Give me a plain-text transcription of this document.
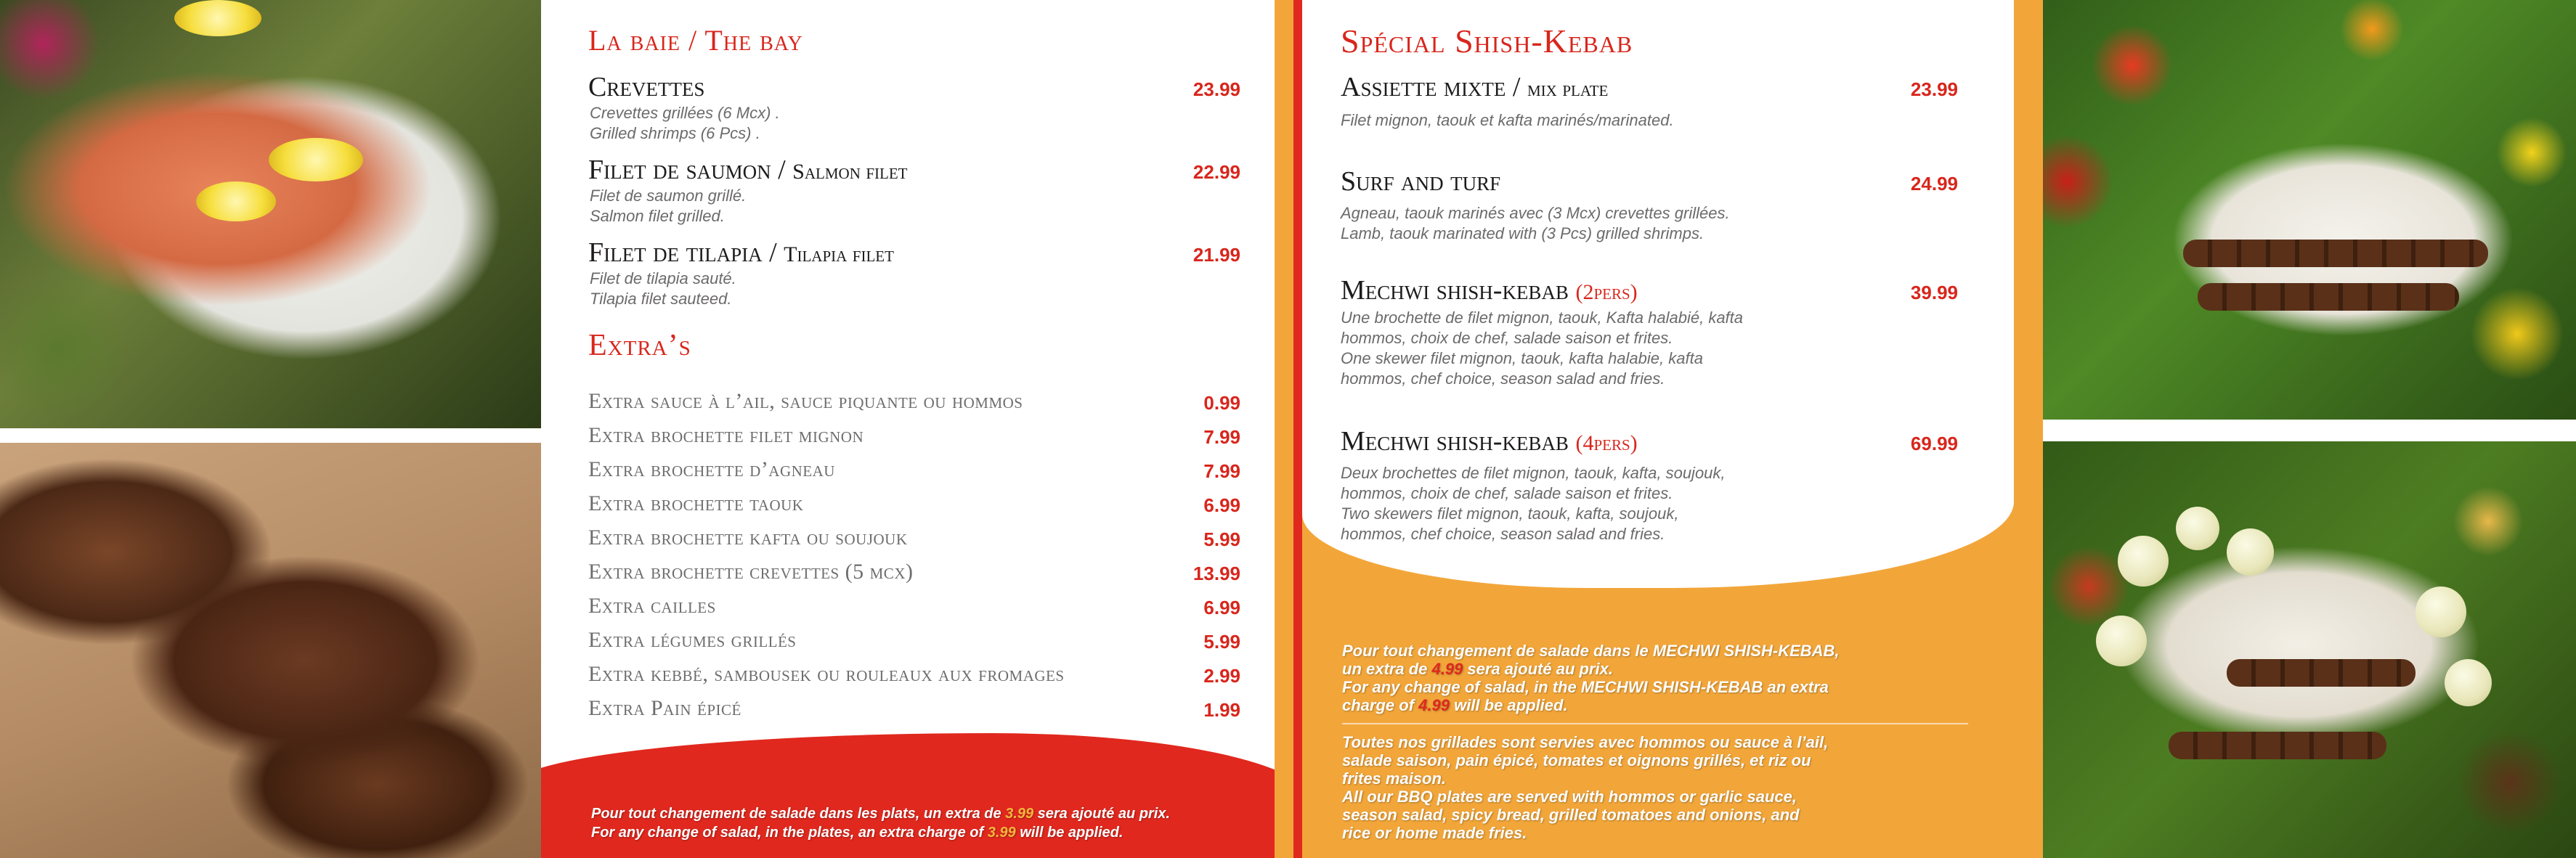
La baie / The bay
Crevettes	23.99
Crevettes grillées (6 Mcx) .
Grilled shrimps (6 Pcs) .
Filet de saumon / Salmon filet	22.99
Filet de saumon grillé.
Salmon filet grilled.
Filet de tilapia / Tilapia filet	21.99
Filet de tilapia sauté.
Tilapia filet sauteed.
Extra’s
Extra sauce à l’ail, sauce piquante ou hommos	0.99
Extra brochette filet mignon	7.99
Extra brochette d’agneau	7.99
Extra brochette taouk	6.99
Extra brochette kafta ou soujouk	5.99
Extra brochette crevettes (5 mcx)	13.99
Extra cailles	6.99
Extra légumes grillés	5.99
Extra kebbé, sambousek ou rouleaux aux fromages	2.99
Extra Pain épicé	1.99
Pour tout changement de salade dans les plats, un extra de 3.99 sera ajouté au prix.
For any change of salad, in the plates, an extra charge of 3.99 will be applied.
Spécial Shish-Kebab
Assiette mixte / mix plate	23.99
Filet mignon, taouk et kafta marinés/marinated.
Surf and turf	24.99
Agneau, taouk marinés avec (3 Mcx) crevettes grillées.
Lamb, taouk marinated with (3 Pcs) grilled shrimps.
Mechwi shish-kebab (2pers)	39.99
Une brochette de filet mignon, taouk, Kafta halabié, kafta
hommos, choix de chef, salade saison et frites.
One skewer filet mignon, taouk, kafta halabie, kafta
hommos, chef choice, season salad and fries.
Mechwi shish-kebab (4pers)	69.99
Deux brochettes de filet mignon, taouk, kafta, soujouk,
hommos, choix de chef, salade saison et frites.
Two skewers filet mignon, taouk, kafta, soujouk,
hommos, chef choice, season salad and fries.
Pour tout changement de salade dans le MECHWI SHISH-KEBAB,
un extra de 4.99 sera ajouté au prix.
For any change of salad, in the MECHWI SHISH-KEBAB an extra
charge of 4.99 will be applied.
Toutes nos grillades sont servies avec hommos ou sauce à l’ail,
salade saison, pain épicé, tomates et oignons grillés, et riz ou
frites maison.
All our BBQ plates are served with hommos or garlic sauce,
season salad, spicy bread, grilled tomatoes and onions, and
rice or home made fries.
